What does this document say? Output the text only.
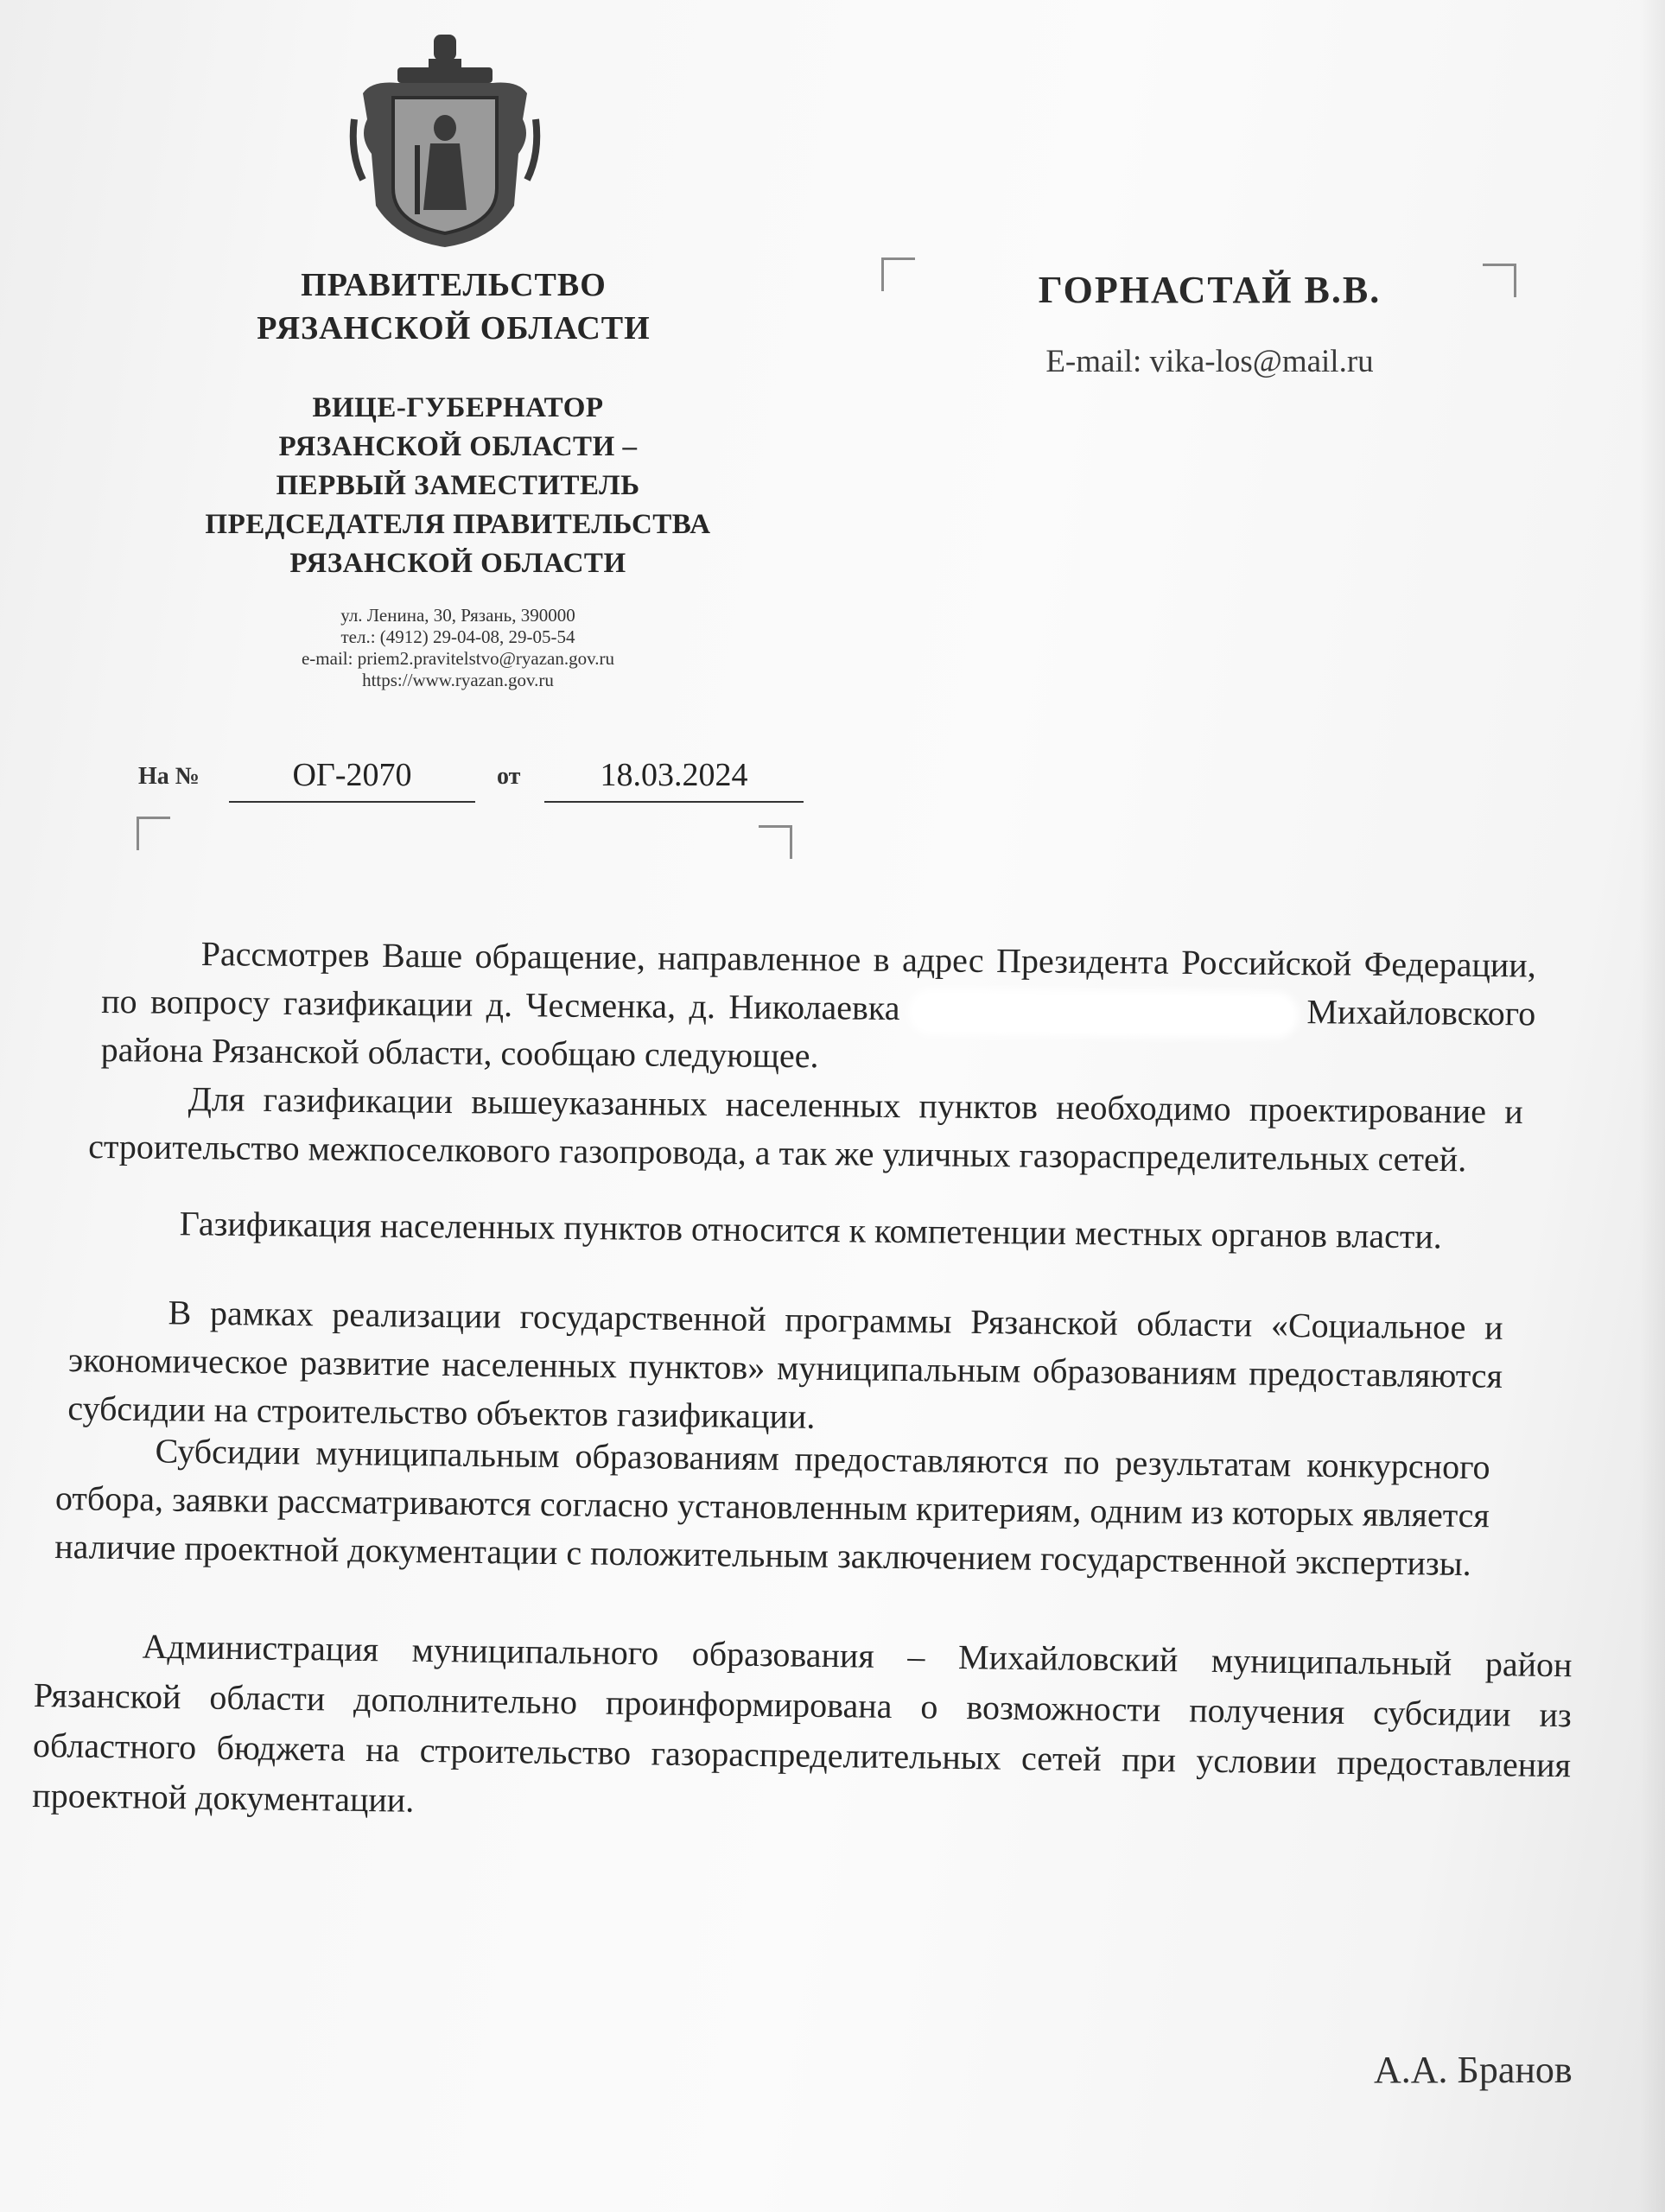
ПРАВИТЕЛЬСТВО
РЯЗАНСКОЙ ОБЛАСТИ
ВИЦЕ-ГУБЕРНАТОР
РЯЗАНСКОЙ ОБЛАСТИ –
ПЕРВЫЙ ЗАМЕСТИТЕЛЬ
ПРЕДСЕДАТЕЛЯ ПРАВИТЕЛЬСТВА
РЯЗАНСКОЙ ОБЛАСТИ
ул. Ленина, 30, Рязань, 390000
тел.: (4912) 29-04-08, 29-05-54
e-mail: priem2.pravitelstvo@ryazan.gov.ru
https://www.ryazan.gov.ru
На №	ОГ-2070	от	18.03.2024
ГОРНАСТАЙ В.В.
E-mail: vika-los@mail.ru
Рассмотрев Ваше обращение, направленное в адрес Президента Российской Федерации, по вопросу газификации д. Чесменка, д. Николаевка	Михайловского района Рязанской области, сообщаю следующее.
Для газификации вышеуказанных населенных пунктов необходимо проектирование и строительство межпоселкового газопровода, а так же уличных газораспределительных сетей.
Газификация населенных пунктов относится к компетенции местных органов власти.
В рамках реализации государственной программы Рязанской области «Социальное и экономическое развитие населенных пунктов» муниципальным образованиям предоставляются субсидии на строительство объектов газификации.
Субсидии муниципальным образованиям предоставляются по результатам конкурсного отбора, заявки рассматриваются согласно установленным критериям, одним из которых является наличие проектной документации с положительным заключением государственной экспертизы.
Администрация муниципального образования – Михайловский муниципальный район Рязанской области дополнительно проинформирована о возможности получения субсидии из областного бюджета на строительство газораспределительных сетей при условии предоставления проектной документации.
А.А. Бранов
